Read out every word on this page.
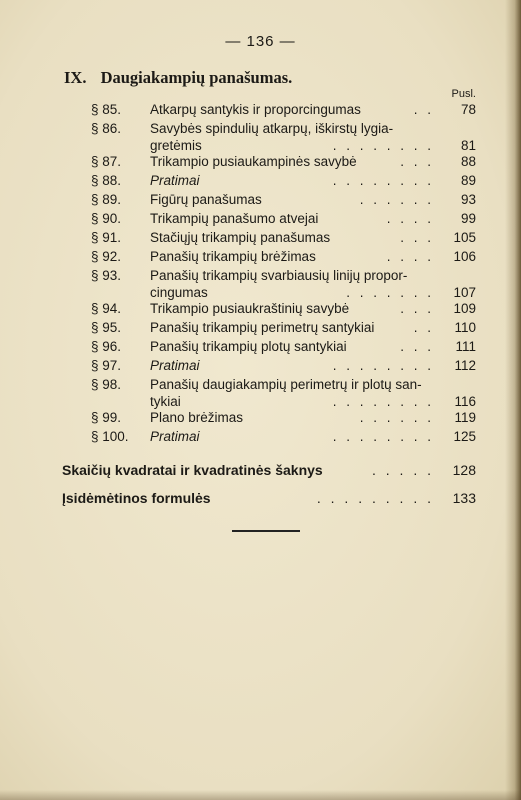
— 136 —
IX. Daugiakampių panašumas.
Pusl.
§ 85. Atkarpų santykis ir proporcingumas	. .	78
§ 86. Savybės spindulių atkarpų, iškirstų lygia-
gretėmis	. . . . . . . .	81
§ 87. Trikampio pusiaukampinės savybė	. . .	88
§ 88. Pratimai	. . . . . . . .	89
§ 89. Figūrų panašumas	. . . . . .	93
§ 90. Trikampių panašumo atvejai	. . . .	99
§ 91. Stačiųjų trikampių panašumas	. . .	105
§ 92. Panašių trikampių brėžimas	. . . .	106
§ 93. Panašių trikampių svarbiausių linijų propor-
cingumas	. . . . . . .	107
§ 94. Trikampio pusiaukraštinių savybė	. . .	109
§ 95. Panašių trikampių perimetrų santykiai	. .	110
§ 96. Panašių trikampių plotų santykiai	. . .	111
§ 97. Pratimai	. . . . . . . .	112
§ 98. Panašių daugiakampių perimetrų ir plotų san-
tykiai	. . . . . . . .	116
§ 99. Plano brėžimas	. . . . . .	119
§ 100. Pratimai	. . . . . . . .	125
Skaičių kvadratai ir kvadratinės šaknys	. . . . .	128
Įsidėmėtinos formulės	. . . . . . . . .	133
